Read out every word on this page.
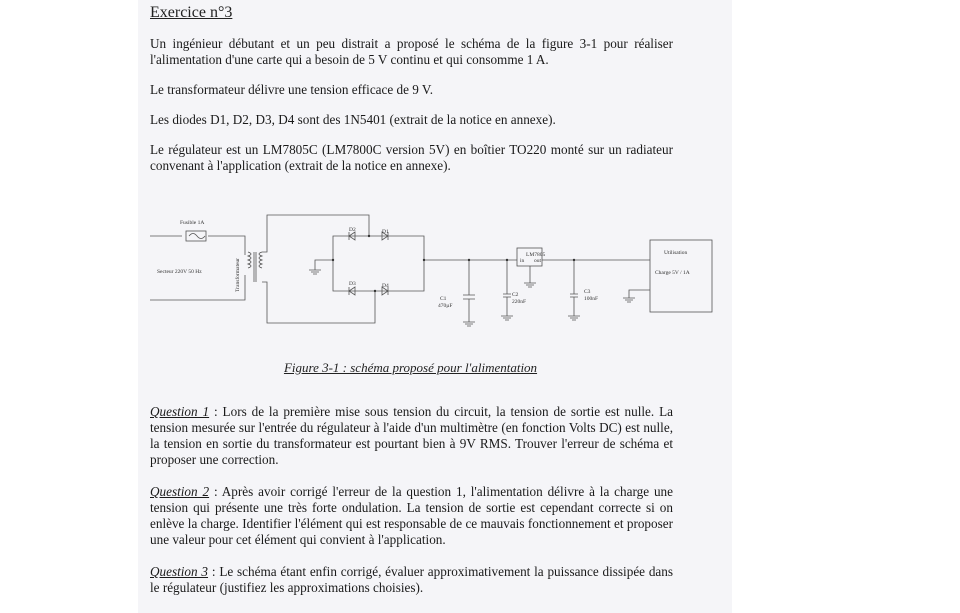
Exercice n°3
Un ingénieur débutant et un peu distrait a proposé le schéma de la figure 3-1 pour réaliser l'alimentation d'une carte qui a besoin de 5 V continu et qui consomme 1 A.
Le transformateur délivre une tension efficace de 9 V.
Les diodes D1, D2, D3, D4 sont des 1N5401 (extrait de la notice en annexe).
Le régulateur est un LM7805C (LM7800C version 5V) en boîtier TO220 monté sur un radiateur convenant à l'application (extrait de la notice en annexe).
Fusible 1A
Secteur 220V 50 Hz	Transformateur
D2	D1
D3	D4
C1
470µF
C2
220nF
C3
100nF
LM7805
in out
Utilisation
Charge 5V / 1A
Figure 3-1 : schéma proposé pour l'alimentation
Question 1 : Lors de la première mise sous tension du circuit, la tension de sortie est nulle. La tension mesurée sur l'entrée du régulateur à l'aide d'un multimètre (en fonction Volts DC) est nulle, la tension en sortie du transformateur est pourtant bien à 9V RMS. Trouver l'erreur de schéma et proposer une correction.
Question 2 : Après avoir corrigé l'erreur de la question 1, l'alimentation délivre à la charge une tension qui présente une très forte ondulation. La tension de sortie est cependant correcte si on enlève la charge. Identifier l'élément qui est responsable de ce mauvais fonctionnement et proposer une valeur pour cet élément qui convient à l'application.
Question 3 : Le schéma étant enfin corrigé, évaluer approximativement la puissance dissipée dans le régulateur (justifiez les approximations choisies).
